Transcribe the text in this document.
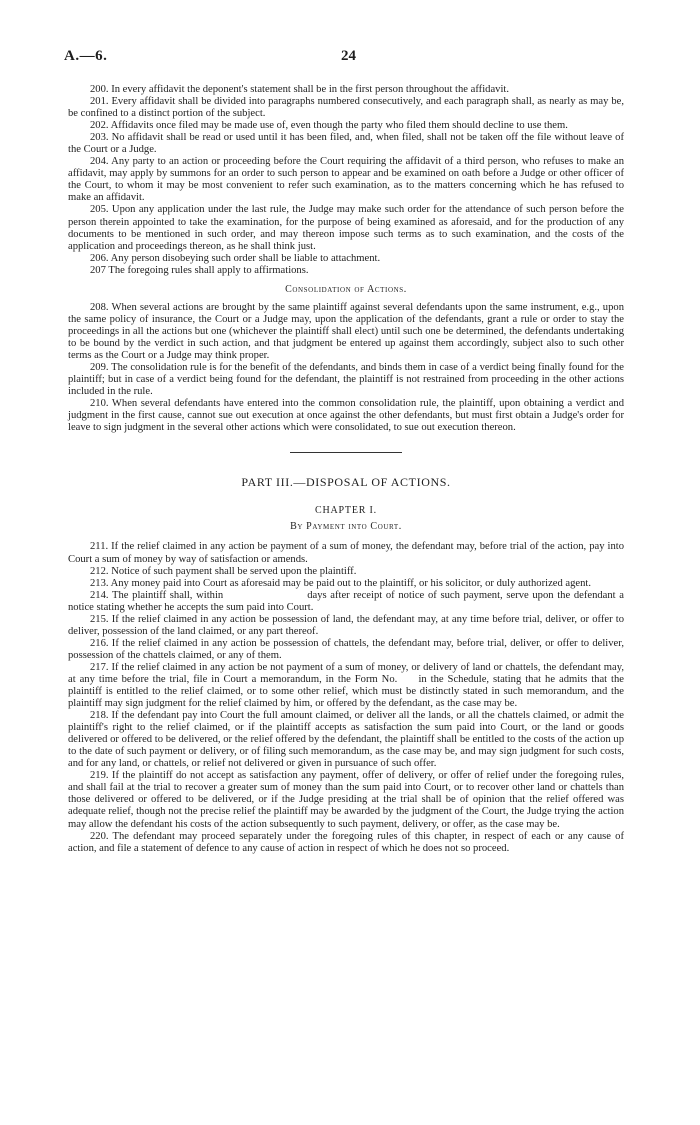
A.—6.	24

200. In every affidavit the deponent's statement shall be in the first person throughout the affidavit.

201. Every affidavit shall be divided into paragraphs numbered consecutively, and each paragraph shall, as nearly as may be, be confined to a distinct portion of the subject.

202. Affidavits once filed may be made use of, even though the party who filed them should decline to use them.

203. No affidavit shall be read or used until it has been filed, and, when filed, shall not be taken off the file without leave of the Court or a Judge.

204. Any party to an action or proceeding before the Court requiring the affidavit of a third person, who refuses to make an affidavit, may apply by summons for an order to such person to appear and be examined on oath before a Judge or other officer of the Court, to whom it may be most convenient to refer such examination, as to the matters concerning which he has refused to make an affidavit.

205. Upon any application under the last rule, the Judge may make such order for the attendance of such person before the person therein appointed to take the examination, for the purpose of being examined as aforesaid, and for the production of any documents to be mentioned in such order, and may thereon impose such terms as to such examination, and the costs of the application and proceedings thereon, as he shall think just.

206. Any person disobeying such order shall be liable to attachment.

207 The foregoing rules shall apply to affirmations.

Consolidation of Actions.

208. When several actions are brought by the same plaintiff against several defendants upon the same instrument, e.g., upon the same policy of insurance, the Court or a Judge may, upon the application of the defendants, grant a rule or order to stay the proceedings in all the actions but one (whichever the plaintiff shall elect) until such one be determined, the defendants undertaking to be bound by the verdict in such action, and that judgment be entered up against them accordingly, subject also to such other terms as the Court or a Judge may think proper.

209. The consolidation rule is for the benefit of the defendants, and binds them in case of a verdict being finally found for the plaintiff; but in case of a verdict being found for the defendant, the plaintiff is not restrained from proceeding in the other actions included in the rule.

210. When several defendants have entered into the common consolidation rule, the plaintiff, upon obtaining a verdict and judgment in the first cause, cannot sue out execution at once against the other defendants, but must first obtain a Judge's order for leave to sign judgment in the several other actions which were consolidated, to sue out execution thereon.

PART III.—DISPOSAL OF ACTIONS.
CHAPTER I.
By Payment into Court.

211. If the relief claimed in any action be payment of a sum of money, the defendant may, before trial of the action, pay into Court a sum of money by way of satisfaction or amends.

212. Notice of such payment shall be served upon the plaintiff.

213. Any money paid into Court as aforesaid may be paid out to the plaintiff, or his solicitor, or duly authorized agent.

214. The plaintiff shall, within	days after receipt of notice of such payment, serve upon the defendant a notice stating whether he accepts the sum paid into Court.

215. If the relief claimed in any action be possession of land, the defendant may, at any time before trial, deliver, or offer to deliver, possession of the land claimed, or any part thereof.

216. If the relief claimed in any action be possession of chattels, the defendant may, before trial, deliver, or offer to deliver, possession of the chattels claimed, or any of them.

217. If the relief claimed in any action be not payment of a sum of money, or delivery of land or chattels, the defendant may, at any time before the trial, file in Court a memorandum, in the Form No.  in the Schedule, stating that he admits that the plaintiff is entitled to the relief claimed, or to some other relief, which must be distinctly stated in such memorandum, and the plaintiff may sign judgment for the relief claimed by him, or offered by the defendant, as the case may be.

218. If the defendant pay into Court the full amount claimed, or deliver all the lands, or all the chattels claimed, or admit the plaintiff's right to the relief claimed, or if the plaintiff accepts as satisfaction the sum paid into Court, or the land or goods delivered or offered to be delivered, or the relief offered by the defendant, the plaintiff shall be entitled to the costs of the action up to the date of such payment or delivery, or of filing such memorandum, as the case may be, and may sign judgment for such costs, and for any land, or chattels, or relief not delivered or given in pursuance of such offer.

219. If the plaintiff do not accept as satisfaction any payment, offer of delivery, or offer of relief under the foregoing rules, and shall fail at the trial to recover a greater sum of money than the sum paid into Court, or to recover other land or chattels than those delivered or offered to be delivered, or if the Judge presiding at the trial shall be of opinion that the relief offered was adequate relief, though not the precise relief the plaintiff may be awarded by the judgment of the Court, the Judge trying the action may allow the defendant his costs of the action subsequently to such payment, delivery, or offer, as the case may be.

220. The defendant may proceed separately under the foregoing rules of this chapter, in respect of each or any cause of action, and file a statement of defence to any cause of action in respect of which he does not so proceed.
